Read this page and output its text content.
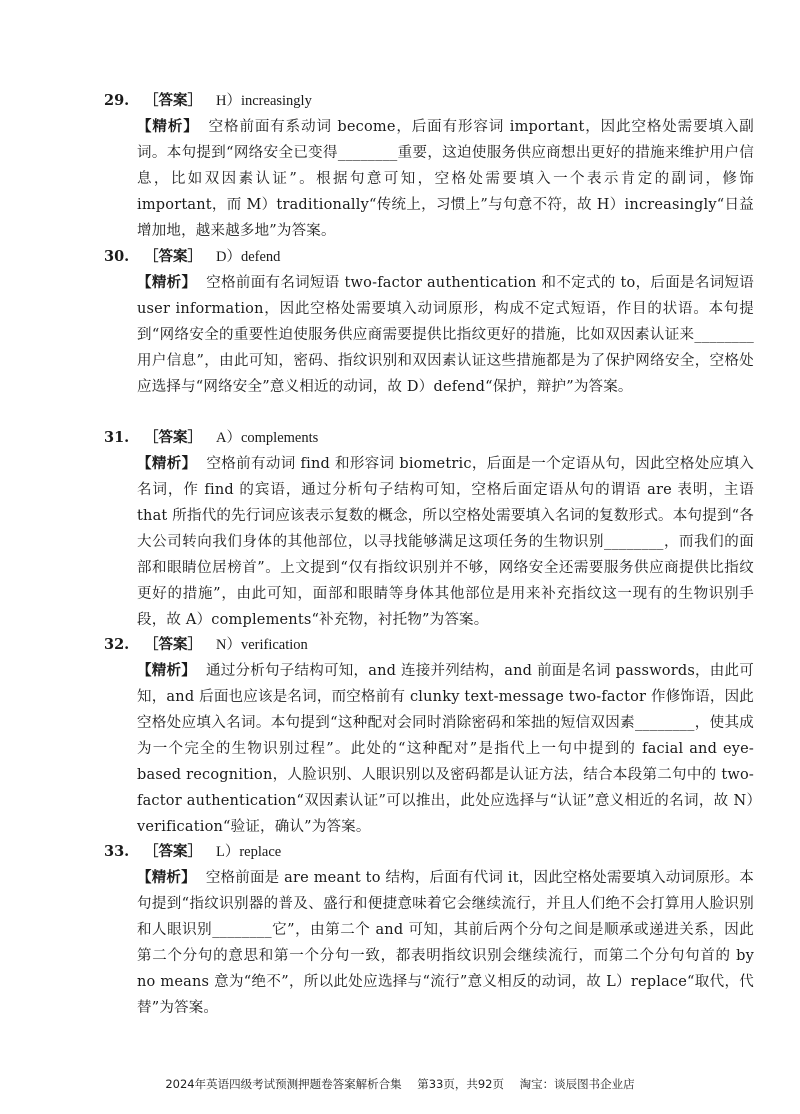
29. ［答案］ H）increasingly
【精析】 空格前面有系动词 become，后面有形容词 important，因此空格处需要填入副词。本句提到“网络安全已变得________重要，这迫使服务供应商想出更好的措施来维护用户信息，比如双因素认证”。根据句意可知，空格处需要填入一个表示肯定的副词，修饰 important，而 M）traditionally“传统上，习惯上”与句意不符，故 H）increasingly“日益增加地，越来越多地”为答案。
30. ［答案］ D）defend
【精析】 空格前面有名词短语 two-factor authentication 和不定式的 to，后面是名词短语 user information，因此空格处需要填入动词原形，构成不定式短语，作目的状语。本句提到“网络安全的重要性迫使服务供应商需要提供比指纹更好的措施，比如双因素认证来________用户信息”，由此可知，密码、指纹识别和双因素认证这些措施都是为了保护网络安全，空格处应选择与“网络安全”意义相近的动词，故 D）defend“保护，辩护”为答案。
31. ［答案］ A）complements
【精析】 空格前有动词 find 和形容词 biometric，后面是一个定语从句，因此空格处应填入名词，作 find 的宾语，通过分析句子结构可知，空格后面定语从句的谓语 are 表明，主语 that 所指代的先行词应该表示复数的概念，所以空格处需要填入名词的复数形式。本句提到“各大公司转向我们身体的其他部位，以寻找能够满足这项任务的生物识别________，而我们的面部和眼睛位居榜首”。上文提到“仅有指纹识别并不够，网络安全还需要服务供应商提供比指纹更好的措施”，由此可知，面部和眼睛等身体其他部位是用来补充指纹这一现有的生物识别手段，故 A）complements“补充物，衬托物”为答案。
32. ［答案］ N）verification
【精析】 通过分析句子结构可知，and 连接并列结构，and 前面是名词 passwords，由此可知，and 后面也应该是名词，而空格前有 clunky text-message two-factor 作修饰语，因此空格处应填入名词。本句提到“这种配对会同时消除密码和笨拙的短信双因素________，使其成为一个完全的生物识别过程”。此处的“这种配对”是指代上一句中提到的 facial and eye-based recognition，人脸识别、人眼识别以及密码都是认证方法，结合本段第二句中的 two-factor authentication“双因素认证”可以推出，此处应选择与“认证”意义相近的名词，故 N）verification“验证，确认”为答案。
33. ［答案］ L）replace
【精析】 空格前面是 are meant to 结构，后面有代词 it，因此空格处需要填入动词原形。本句提到“指纹识别器的普及、盛行和便捷意味着它会继续流行，并且人们绝不会打算用人脸识别和人眼识别________它”，由第二个 and 可知，其前后两个分句之间是顺承或递进关系，因此第二个分句的意思和第一个分句一致，都表明指纹识别会继续流行，而第二个分句句首的 by no means 意为“绝不”，所以此处应选择与“流行”意义相反的动词，故 L）replace“取代，代替”为答案。
2024年英语四级考试预测押题卷答案解析合集 第33页，共92页 淘宝：谈辰图书企业店
